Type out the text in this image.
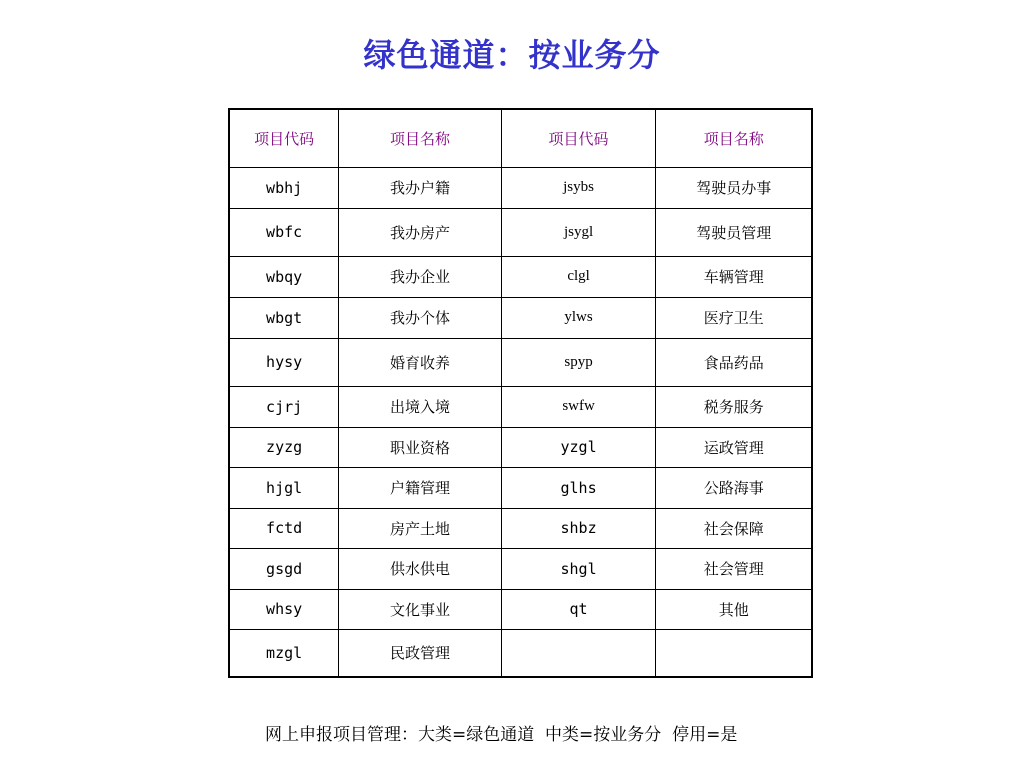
绿色通道：按业务分
项目代码	项目名称	项目代码	项目名称
wbhj	我办户籍	jsybs	驾驶员办事
wbfc	我办房产	jsygl	驾驶员管理
wbqy	我办企业	clgl	车辆管理
wbgt	我办个体	ylws	医疗卫生
hysy	婚育收养	spyp	食品药品
cjrj	出境入境	swfw	税务服务
zyzg	职业资格	yzgl	运政管理
hjgl	户籍管理	glhs	公路海事
fctd	房产土地	shbz	社会保障
gsgd	供水供电	shgl	社会管理
whsy	文化事业	qt	其他
mzgl	民政管理		
网上申报项目管理：大类=绿色通道  中类=按业务分  停用=是
